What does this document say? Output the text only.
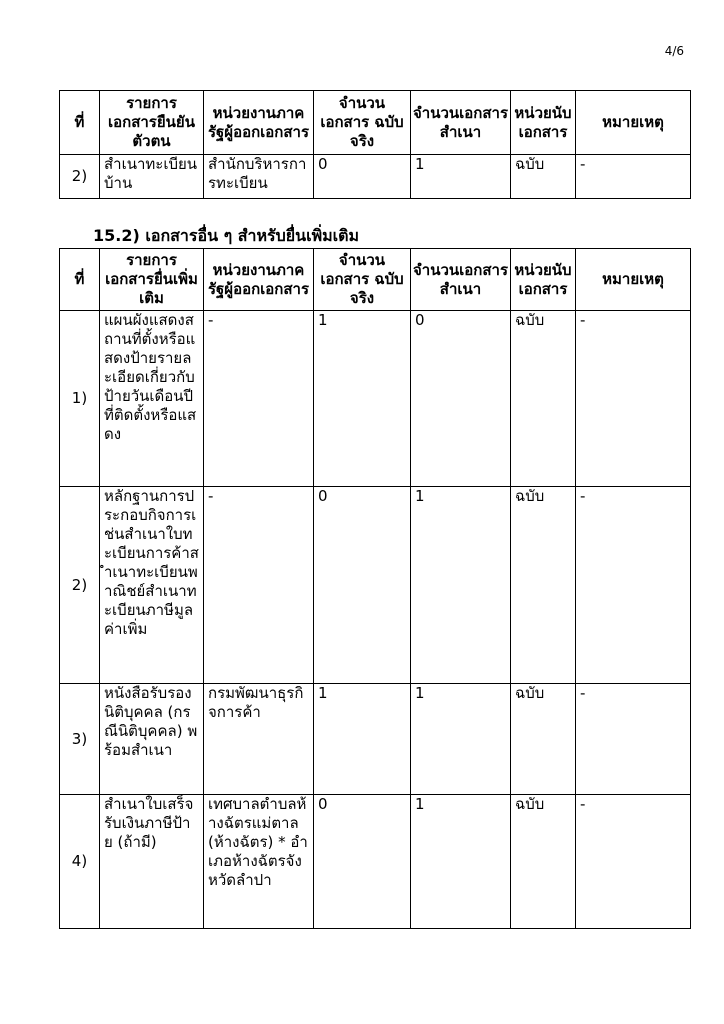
4/6
ที่	รายการเอกสารยืนยันตัวตน	หน่วยงานภาครัฐผู้ออกเอกสาร	จำนวนเอกสาร ฉบับจริง	จำนวนเอกสาร สำเนา	หน่วยนับเอกสาร	หมายเหตุ
2)	สำเนาทะเบียนบ้าน	สำนักบริหารการทะเบียน	0	1	ฉบับ	-
15.2) เอกสารอื่น ๆ สำหรับยื่นเพิ่มเติม
ที่	รายการเอกสารยื่นเพิ่มเติม	หน่วยงานภาครัฐผู้ออกเอกสาร	จำนวนเอกสาร ฉบับจริง	จำนวนเอกสาร สำเนา	หน่วยนับเอกสาร	หมายเหตุ
1)	แผนผังแสดงสถานที่ตั้งหรือแสดงป้ายรายละเอียดเกี่ยวกับป้ายวันเดือนปีที่ติดตั้งหรือแสดง	-	1	0	ฉบับ	-
2)	หลักฐานการประกอบกิจการเช่นสำเนาใบทะเบียนการค้าสำเนาทะเบียนพาณิชย์สำเนาทะเบียนภาษีมูลค่าเพิ่ม	-	0	1	ฉบับ	-
3)	หนังสือรับรองนิติบุคคล (กรณีนิติบุคคล) พร้อมสำเนา	กรมพัฒนาธุรกิจการค้า	1	1	ฉบับ	-
4)	สำเนาใบเสร็จรับเงินภาษีป้าย (ถ้ามี)	เทศบาลตำบลห้างฉัตรแม่ตาล(ห้างฉัตร) * อำเภอห้างฉัตรจังหวัดลำปา	0	1	ฉบับ	-
